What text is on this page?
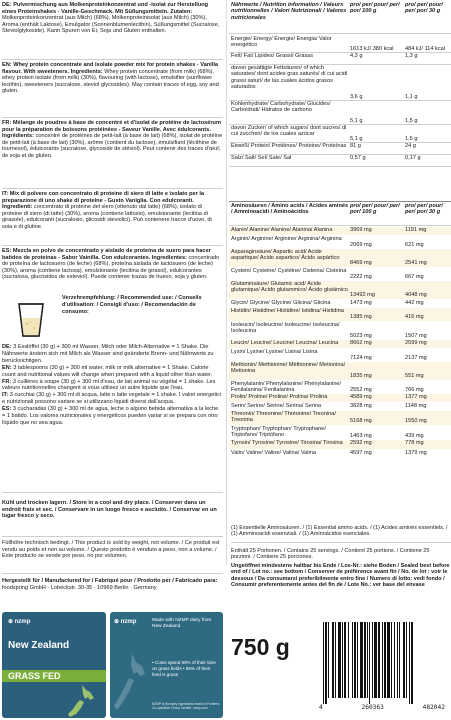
DE: Pulvermischung aus Molkenproteinkonzentrat und -isolat zur Herstellung eines Proteinshakes - Vanille-Geschmack. Mit Süßungsmitteln. Zutaten: Molkenproteinkonzentrat (aus Milch) (68%), Molkenproteinisolat (aus Milch) (30%), Aroma (enthält Laktose), Emulgator (Sonnenblumenlecithin), Süßungsmittel (Sucralose, Steviolglykoside). Kann Spuren von Ei, Soja und Gluten enthalten.
EN: Whey protein concentrate and isolate powder mix for protein shakes - Vanilla flavour. With sweeteners. Ingredients: Whey protein concentrate (from milk) (68%), whey protein isolate (from milk) (30%), flavouring (with lactose), emulsifier (sunflower lecithin), sweeteners (sucralose, steviol glycosides). May contain traces of egg, soy and gluten.
FR: Mélange de poudres à base de concentré et d'isolat de protéine de lactosérum pour la préparation de boissons protéinées - Saveur Vanille. Avec édulcorants. Ingrédients: concentré de protéines de petit-lait (à base de lait) (68%), isolat de protéine de petit-lait (à base de lait) (30%), arôme (contient du lactose), émulsifiant (lécithine de tournesol), édulcorants (sucralose, glycoside de stéviol). Peut contenir des traces d'œuf, de soja et de gluten.
IT: Mix di polvere con concentrato di proteine di siero di latte e isolato per la preparazione di uno shake di proteine - Gusto Vaniglia. Con edulcoranti. Ingredienti: concentrato di proteine del siero (ottenuto dal latte) (68%), isolato di proteine di siero (di latte) (30%), aroma (contiene lattosio), emulsionante (lecitina di girasole), edulcoranti (sucralosio, glicosidi steviolici). Può contenere tracce d'uovo, di soia e di glutine.
ES: Mezcla en polvo de concentrado y aislado de proteína de suero para hacer batidos de proteínas - Sabor Vainilla. Con edulcorantes. Ingredientes: concentrado de proteína de lactosuero (de leche) (68%), proteína aislada de lactosuero (de leche) (30%), aroma (contiene lactosa), emulsionante (lecitina de girasol), edulcorantes (sucralosa, glucósidos de esteviol). Puede contener trazas de huevo, soja y gluten.
Verzehrempfehlung: / Recommended use: / Conseils d'utilisation: / Consigli d'uso: / Recomendación de consumo:
DE: 3 Esslöffel (30 g) + 300 ml Wasser, Milch oder Milch-Alternative = 1 Shake. Die Nährwerte ändern sich mit Milch als Wasser sind geänderte Brenn- und Nährwerte zu berücksichtigen.
EN: 3 tablespoons (30 g) + 300 ml water, milk or milk alternative = 1 Shake. Calorie count and nutritional values will change when prepared with a liquid other than water.
FR: 3 cuillères à soupe (30 g) + 300 ml d'eau, de lait animal ou végétal = 1 shake. Les valeurs nutritionnelles changent si vous utilisez un autre liquide que l'eau.
IT: 3 cucchiai (30 g) + 300 ml di acqua, latte o latte vegetale = 1 shake. I valori energetici e nutrizionali possono variare se si utilizzano liquidi diversi dall'acqua.
ES: 3 cucharadas (30 g) + 300 ml de agua, leche o alguno bebida alternativa a la leche = 1 batido. Los valores nutricionales y energéticos pueden variar si se prepara con otro líquido que no sea agua.
Kühl und trocken lagern. / Store in a cool and dry place. / Conserver dans un endroit frais et sec. / Conservare in un luogo fresco e asciutto. / Conservar en un lugar fresco y seco.
Füllhöhe technisch bedingt. / This product is sold by weight, not volume. / Ce produit est vendu au poids et non au volume. / Questo prodotto è venduto a peso, non a volume. / Este producto se vende por peso, no por volumen.
Hergestellt für / Manufactured for / Fabriqué pour / Prodotto per / Fabricado para: foodspring GmbH · Lobeckstr. 30-35 · 10969 Berlin · Germany
⊕ nzmp
New Zealand
GRASS FED
⊕ nzmp	Made with NZMP dairy from New Zealand.
• Cows spend 90% of their time on grass fields • 85% of their feed is grass
NZMP is the dairy ingredients brand of Fonterra Co-operative Group Limited. nzmp.com
Nährwerte / Nutrition information / Valeurs nutritionnelles / Valori Nutrizionali / Valores nutricionales
pro/ per/ pour/ per/ por/ 100 g
pro/ per/ pour/ per/ por/ 30 g
Energie/ Energy/ Énergie/ Energia/ Valor energético
1613 kJ/ 380 kcal	484 kJ/ 114 kcal
Fett/ Fat/ Lipides/ Grassi/ Grasas	4,3 g	1,3 g
davon gesättigte Fettsäuren/ of which saturates/ dont acides gras saturés/ di cui acidi grassi saturi/ de las cuales ácidos grasos saturados
3,6 g	1,1 g
Kohlenhydrate/ Carbohydrate/ Glucides/ Carboidrati/ Hidratos de carbono
5,1 g	1,5 g
davon Zucker/ of which sugars/ dont sucres/ di cui zuccheri/ de los cuales azúcar
5,1 g	1,5 g
Eiweiß/ Protein/ Protéines/ Proteine/ Proteínas 81 g	24 g
Salz/ Salt/ Sel/ Sale/ Sal	0,57 g	0,17 g
Aminosäuren / Amino acids / Acides aminés / Amminoacidi / Aminoácidos
pro/ per/ pour/ per/ por/ 100 g
pro/ per/ pour/ per/ por/ 30 g
Alanin/ Alanine/ Alanine/ Alanina/ Alanina	3969 mg	1191 mg
Arginin/ Arginine/ Arginine/ Arginina/ Arginina
2069 mg	621 mg
Asparaginsäure/ Aspartic acid/ Acide aspartique/ Acido aspartico/ Ácido aspártico
8469 mg	2541 mg
Cystein/ Cysteine/ Cystéine/ Cisteina/ Cisteína
2222 mg	667 mg
Glutaminsäure/ Glutamic acid/ Acide glutamique/ Acido glutammico/ Ácido glutámico
13492 mg	4048 mg
Glycin/ Glycine/ Glycine/ Glicina/ Glicina	1473 mg	442 mg
Histidin/ Histidine/ Histidine/ Istidina/ Histidina
1385 mg	416 mg
Isoleucin/ Isoleucine/ Isoleucine/ Isoleucina/ Isoleucina
5023 mg	1507 mg
Leucin/ Leucine/ Leucine/ Leucina/ Leucina	8662 mg	2599 mg
Lysin/ Lysine/ Lysine/ Lisina/ Lisina
7124 mg	2137 mg
Methionin/ Methionine/ Méthionine/ Metionina/ Metionina
1835 mg	551 mg
Phenylalanin/ Phenylalanine/ Phénylalanine/ Fenilalanina/ Fenilalanina	2552 mg	766 mg
Prolin/ Proline/ Proline/ Prolina/ Prolina	4589 mg	1377 mg
Serin/ Serine/ Sérine/ Serina/ Serina	3828 mg	1148 mg
Threonin/ Threonine/ Thréonine/ Treonina/ Treonina	5168 mg	1550 mg
Tryptophan/ Tryptophan/ Tryptophane/ Triptofano/ Triptófano	1463 mg	439 mg
Tyrosin/ Tyrosine/ Tyrosine/ Tirosina/ Tirosina	2592 mg	778 mg
Valin/ Valine/ Valine/ Valina/ Valina	4597 mg	1379 mg
(1) Essentielle Aminosäuren. / (1) Essential amino acids. / (1) Acides aminés essentiels. / (1) Amminoacidi essenziali. / (1) Aminoácidos esenciales.
Enthält 25 Portionen. / Contains 25 servings. / Contient 25 portions. / Contiene 25 porzioni. / Contiene 25 porciones.
Ungeöffnet mindestens haltbar bis Ende / Los-Nr.: siehe Boden / Sealed best before end of / Lot no.: see bottom / Conserver de préférence avant fin / No. de lot : voir le dessous / Da consumarsi preferibilmente entro fine / Numero di lotto: vedi fondo / Consumir preferentemente antes del fin de / Lote No.: ver base del envase
750 g
4	260363	482042
